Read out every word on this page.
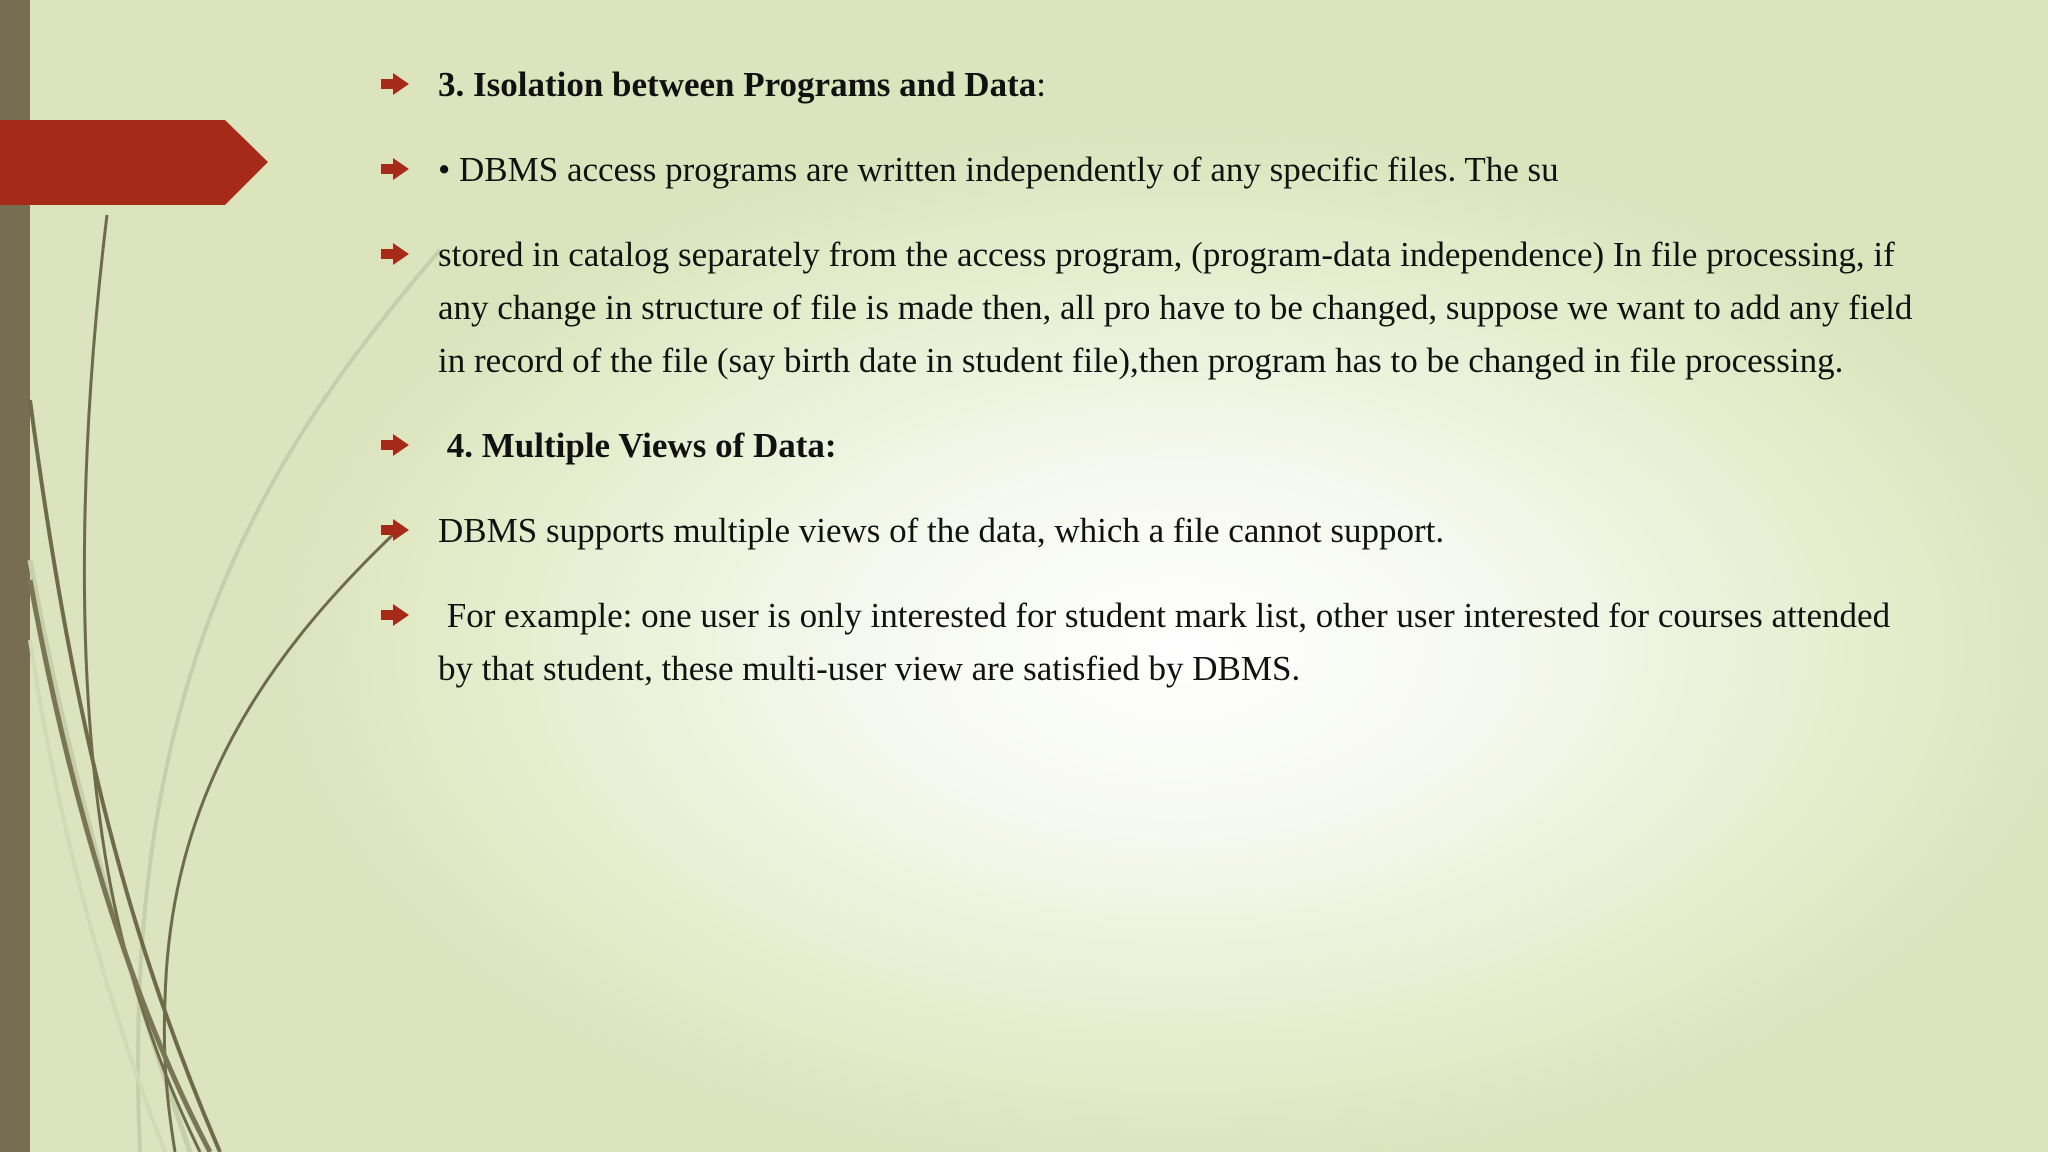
3. Isolation between Programs and Data:
• DBMS access programs are written independently of any specific files. The su
stored in catalog separately from the access program, (program-data independence) In file processing, if any change in structure of file is made then, all pro have to be changed, suppose we want to add any field in record of the file (say birth date in student file),then program has to be changed in file processing.
4. Multiple Views of Data:
DBMS supports multiple views of the data, which a file cannot support.
For example: one user is only interested for student mark list, other user interested for courses attended by that student, these multi-user view are satisfied by DBMS.
